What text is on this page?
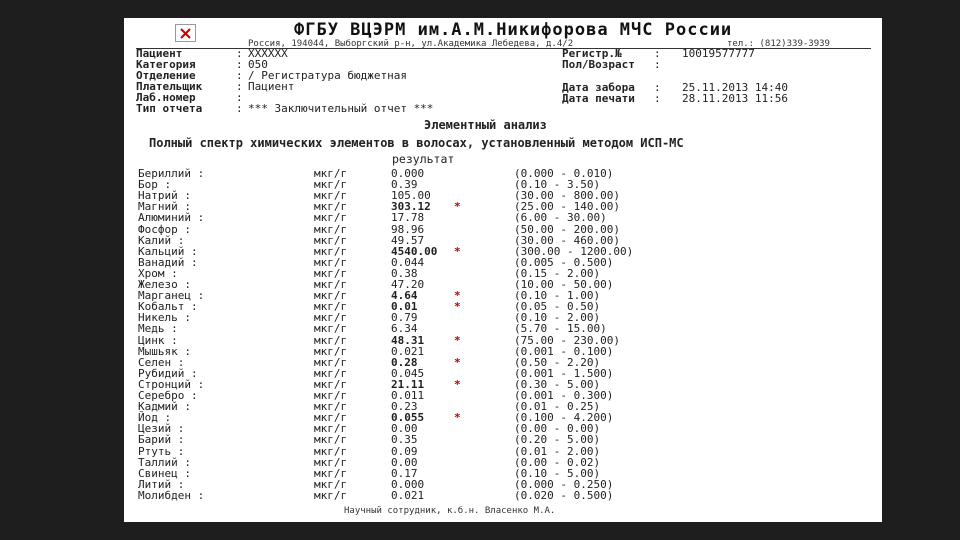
ФГБУ ВЦЭРМ им.А.М.Никифорова МЧС России
Россия, 194044, Выборгский р-н, ул.Академика Лебедева, д.4/2	тел.: (812)339-3939
Пациент	: XXXXXX
Категория	: 050
Отделение	: / Регистратура бюджетная
Плательщик	: Пациент
Лаб.номер	:
Тип отчета	: *** Заключительный отчет ***
Регистр.№	: 10019577777
Пол/Возраст :
Дата забора : 25.11.2013 14:40
Дата печати : 28.11.2013 11:56
Элементный анализ
Полный спектр химических элементов в волосах, установленный методом ИСП-МС
результат
Бериллий :	мкг/г	0.000	(0.000 - 0.010)
Бор :	мкг/г	0.39	(0.10 - 3.50)
Натрий :	мкг/г	105.00	(30.00 - 800.00)
Магний :	мкг/г	303.12 *	(25.00 - 140.00)
Алюминий :	мкг/г	17.78	(6.00 - 30.00)
Фосфор :	мкг/г	98.96	(50.00 - 200.00)
Калий :	мкг/г	49.57	(30.00 - 460.00)
Кальций :	мкг/г	4540.00 *	(300.00 - 1200.00)
Ванадий :	мкг/г	0.044	(0.005 - 0.500)
Хром :	мкг/г	0.38	(0.15 - 2.00)
Железо :	мкг/г	47.20	(10.00 - 50.00)
Марганец :	мкг/г	4.64	*	(0.10 - 1.00)
Кобальт :	мкг/г	0.01	*	(0.05 - 0.50)
Никель :	мкг/г	0.79	(0.10 - 2.00)
Медь :	мкг/г	6.34	(5.70 - 15.00)
Цинк :	мкг/г	48.31	*	(75.00 - 230.00)
Мышьяк :	мкг/г	0.021	(0.001 - 0.100)
Селен :	мкг/г	0.28	*	(0.50 - 2.20)
Рубидий :	мкг/г	0.045	(0.001 - 1.500)
Стронций :	мкг/г	21.11	*	(0.30 - 5.00)
Серебро :	мкг/г	0.011	(0.001 - 0.300)
Кадмий :	мкг/г	0.23	(0.01 - 0.25)
Йод :	мкг/г	0.055	*	(0.100 - 4.200)
Цезий :	мкг/г	0.00	(0.00 - 0.00)
Барий :	мкг/г	0.35	(0.20 - 5.00)
Ртуть :	мкг/г	0.09	(0.01 - 2.00)
Таллий :	мкг/г	0.00	(0.00 - 0.02)
Свинец :	мкг/г	0.17	(0.10 - 5.00)
Литий :	мкг/г	0.000	(0.000 - 0.250)
Молибден :	мкг/г	0.021	(0.020 - 0.500)
Научный сотрудник, к.б.н. Власенко М.А.
